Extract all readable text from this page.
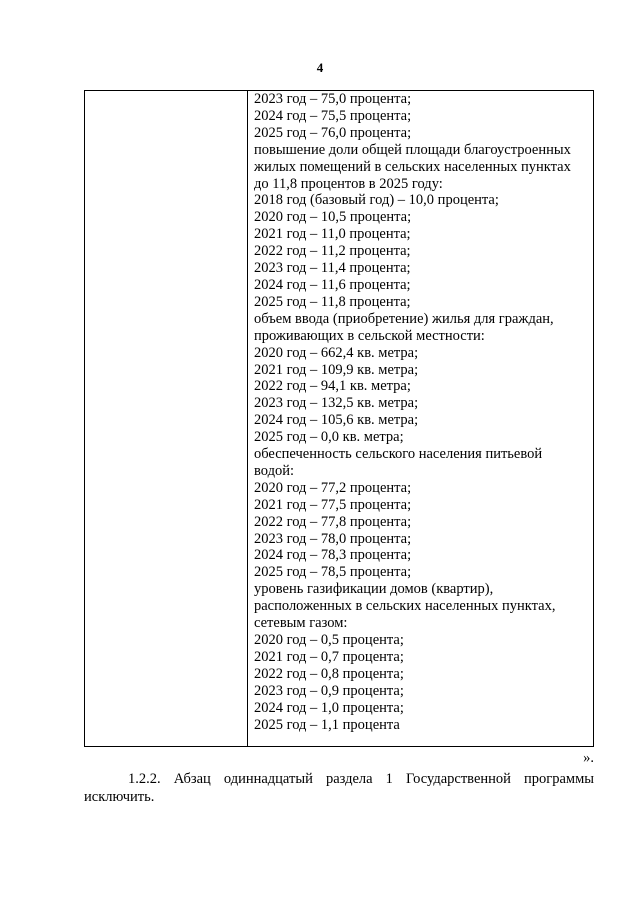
4
2023 год – 75,0 процента;
2024 год – 75,5 процента;
2025 год – 76,0 процента;
повышение доли общей площади благоустроенных
жилых помещений в сельских населенных пунктах
до 11,8 процентов в 2025 году:
2018 год (базовый год) – 10,0 процента;
2020 год – 10,5 процента;
2021 год – 11,0 процента;
2022 год – 11,2 процента;
2023 год – 11,4 процента;
2024 год – 11,6 процента;
2025 год – 11,8 процента;
объем ввода (приобретение) жилья для граждан,
проживающих в сельской местности:
2020 год – 662,4 кв. метра;
2021 год – 109,9 кв. метра;
2022 год – 94,1 кв. метра;
2023 год – 132,5 кв. метра;
2024 год – 105,6 кв. метра;
2025 год – 0,0 кв. метра;
обеспеченность сельского населения питьевой
водой:
2020 год – 77,2 процента;
2021 год – 77,5 процента;
2022 год – 77,8 процента;
2023 год – 78,0 процента;
2024 год – 78,3 процента;
2025 год – 78,5 процента;
уровень газификации домов (квартир),
расположенных в сельских населенных пунктах,
сетевым газом:
2020 год – 0,5 процента;
2021 год – 0,7 процента;
2022 год – 0,8 процента;
2023 год – 0,9 процента;
2024 год – 1,0 процента;
2025 год – 1,1 процента
».
1.2.2. Абзац одиннадцатый раздела 1 Государственной программы
исключить.
